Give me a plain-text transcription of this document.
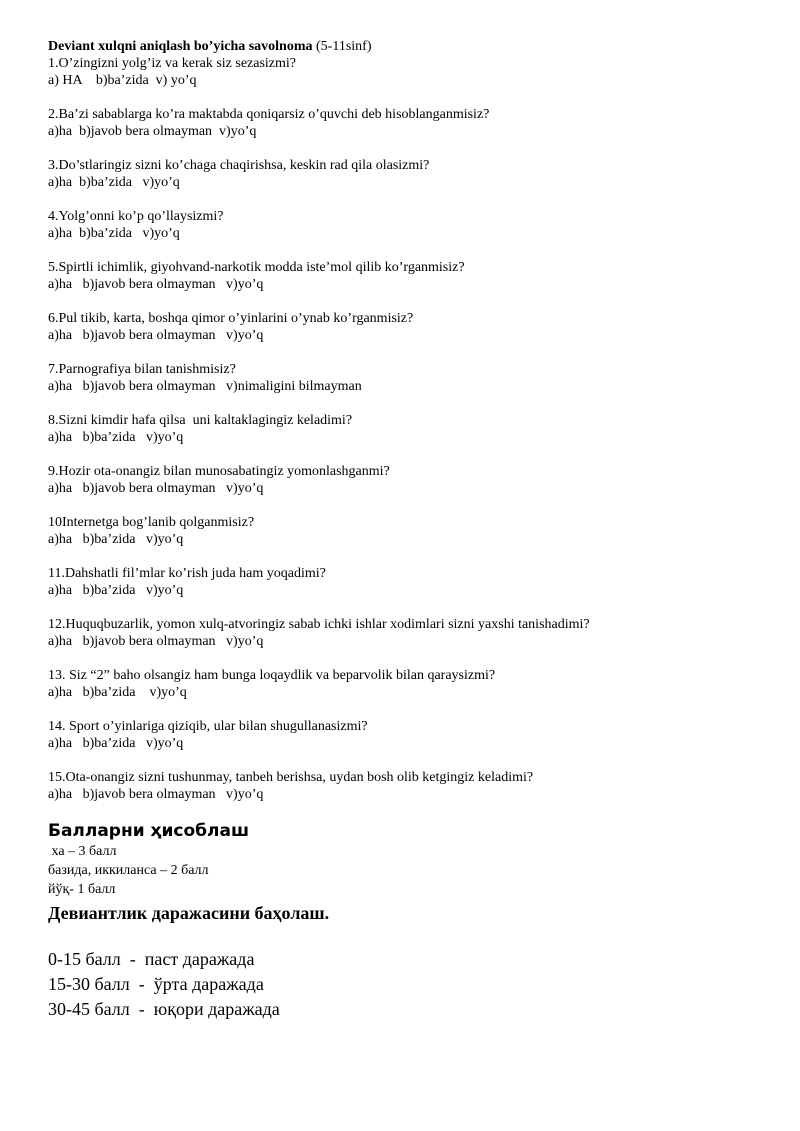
Deviant xulqni aniqlash bo’yicha savolnoma (5-11sinf)
1.O’zingizni yolg’iz va kerak siz sezasizmi?
a) HA    b)ba’zida  v) yo’q
2.Ba’zi sabablarga ko’ra maktabda qoniqarsiz o’quvchi deb hisoblanganmisiz?
a)ha  b)javob bera olmayman  v)yo’q
3.Do’stlaringiz sizni ko’chaga chaqirishsa, keskin rad qila olasizmi?
a)ha  b)ba’zida   v)yo’q
4.Yolg’onni ko’p qo’llaysizmi?
a)ha  b)ba’zida   v)yo’q
5.Spirtli ichimlik, giyohvand-narkotik modda iste’mol qilib ko’rganmisiz?
a)ha   b)javob bera olmayman   v)yo’q
6.Pul tikib, karta, boshqa qimor o’yinlarini o’ynab ko’rganmisiz?
a)ha   b)javob bera olmayman   v)yo’q
7.Parnografiya bilan tanishmisiz?
a)ha   b)javob bera olmayman   v)nimaligini bilmayman
8.Sizni kimdir hafa qilsa  uni kaltaklagingiz keladimi?
a)ha   b)ba’zida   v)yo’q
9.Hozir ota-onangiz bilan munosabatingiz yomonlashganmi?
a)ha   b)javob bera olmayman   v)yo’q
10Internetga bog’lanib qolganmisiz?
a)ha   b)ba’zida   v)yo’q
11.Dahshatli fil’mlar ko’rish juda ham yoqadimi?
a)ha   b)ba’zida   v)yo’q
12.Huquqbuzarlik, yomon xulq-atvoringiz sabab ichki ishlar xodimlari sizni yaxshi tanishadimi?
a)ha   b)javob bera olmayman   v)yo’q
13. Siz “2” baho olsangiz ham bunga loqaydlik va beparvolik bilan qaraysizmi?
a)ha   b)ba’zida    v)yo’q
14. Sport o’yinlariga qiziqib, ular bilan shugullanasizmi?
a)ha   b)ba’zida   v)yo’q
15.Ota-onangiz sizni tushunmay, tanbeh berishsa, uydan bosh olib ketgingiz keladimi?
a)ha   b)javob bera olmayman   v)yo’q
Балларни ҳисоблаш
ха – 3 балл
базида, иккиланса – 2 балл
йўқ- 1 балл
Девиантлик даражасини баҳолаш.
0-15 балл  -  паст даражада
15-30 балл  -  ўрта даражада
30-45 балл  -  юқори даражада
